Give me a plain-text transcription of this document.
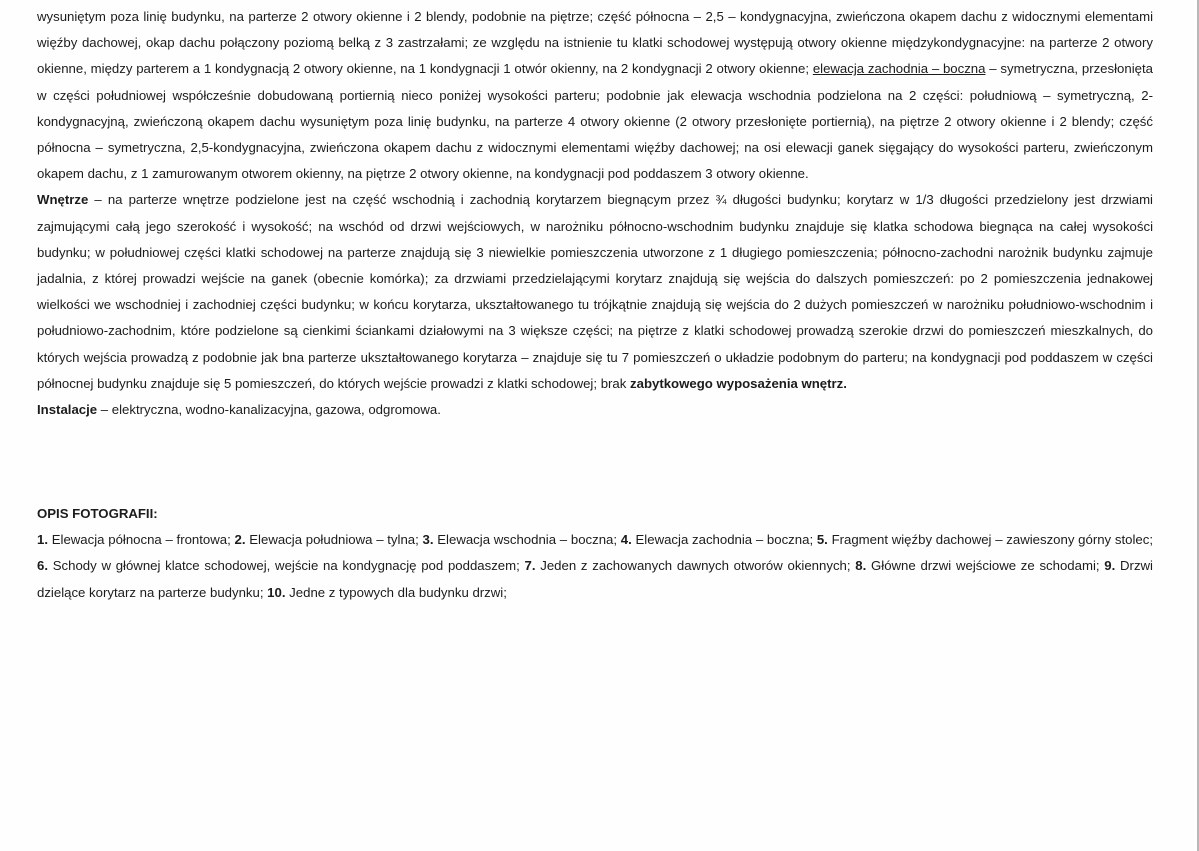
wysuniętym poza linię budynku, na parterze 2 otwory okienne i 2 blendy, podobnie na piętrze; część północna – 2,5 – kondygnacyjna, zwieńczona okapem dachu z widocznymi elementami więźby dachowej, okap dachu połączony poziomą belką z 3 zastrzałami; ze względu na istnienie tu klatki schodowej występują otwory okienne międzykondygnacyjne: na parterze 2 otwory okienne, między parterem a 1 kondygnacją 2 otwory okienne, na 1 kondygnacji 1 otwór okienny, na 2 kondygnacji 2 otwory okienne; elewacja zachodnia – boczna – symetryczna, przesłonięta w części południowej współcześnie dobudowaną portiernią nieco poniżej wysokości parteru; podobnie jak elewacja wschodnia podzielona na 2 części: południową – symetryczną, 2-kondygnacyjną, zwieńczoną okapem dachu wysuniętym poza linię budynku, na parterze 4 otwory okienne (2 otwory przesłonięte portiernią), na piętrze 2 otwory okienne i 2 blendy; część północna – symetryczna, 2,5-kondygnacyjna, zwieńczona okapem dachu z widocznymi elementami więźby dachowej; na osi elewacji ganek sięgający do wysokości parteru, zwieńczonym okapem dachu, z 1 zamurowanym otworem okienny, na piętrze 2 otwory okienne, na kondygnacji pod poddaszem 3 otwory okienne.

Wnętrze – na parterze wnętrze podzielone jest na część wschodnią i zachodnią korytarzem biegnącym przez ¾ długości budynku; korytarz w 1/3 długości przedzielony jest drzwiami zajmującymi całą jego szerokość i wysokość; na wschód od drzwi wejściowych, w narożniku północno-wschodnim budynku znajduje się klatka schodowa biegnąca na całej wysokości budynku; w południowej części klatki schodowej na parterze znajdują się 3 niewielkie pomieszczenia utworzone z 1 długiego pomieszczenia; północno-zachodni narożnik budynku zajmuje jadalnia, z której prowadzi wejście na ganek (obecnie komórka); za drzwiami przedzielającymi korytarz znajdują się wejścia do dalszych pomieszczeń: po 2 pomieszczenia jednakowej wielkości we wschodniej i zachodniej części budynku; w końcu korytarza, ukształtowanego tu trójkątnie znajdują się wejścia do 2 dużych pomieszczeń w narożniku południowo-wschodnim i południowo-zachodnim, które podzielone są cienkimi ściankami działowymi na 3 większe części; na piętrze z klatki schodowej prowadzą szerokie drzwi do pomieszczeń mieszkalnych, do których wejścia prowadzą z podobnie jak bna parterze ukształtowanego korytarza – znajduje się tu 7 pomieszczeń o układzie podobnym do parteru; na kondygnacji pod poddaszem w części północnej budynku znajduje się 5 pomieszczeń, do których wejście prowadzi z klatki schodowej; brak zabytkowego wyposażenia wnętrz.

Instalacje – elektryczna, wodno-kanalizacyjna, gazowa, odgromowa.

OPIS FOTOGRAFII:

1. Elewacja północna – frontowa; 2. Elewacja południowa – tylna; 3. Elewacja wschodnia – boczna; 4. Elewacja zachodnia – boczna; 5. Fragment więźby dachowej – zawieszony górny stolec; 6. Schody w głównej klatce schodowej, wejście na kondygnację pod poddaszem; 7. Jeden z zachowanych dawnych otworów okiennych; 8. Główne drzwi wejściowe ze schodami; 9. Drzwi dzielące korytarz na parterze budynku; 10. Jedne z typowych dla budynku drzwi;
